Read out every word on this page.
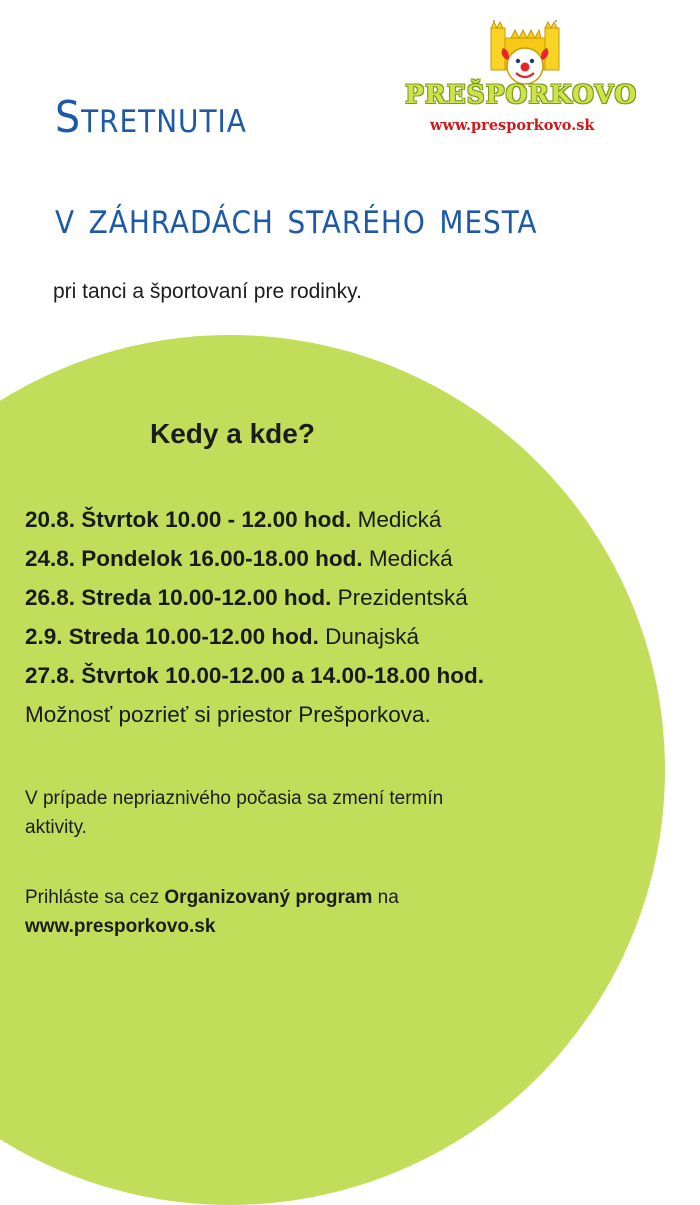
PREŠPORKOVO
www.presporkovo.sk
Stretnutia
v záhradách starého mesta
pri tanci a športovaní pre rodinky.
Kedy a kde?
20.8. Štvrtok 10.00 - 12.00 hod. Medická
24.8. Pondelok 16.00-18.00 hod. Medická
26.8. Streda 10.00-12.00 hod. Prezidentská
2.9. Streda 10.00-12.00 hod. Dunajská
27.8. Štvrtok 10.00-12.00 a 14.00-18.00 hod.
Možnosť pozrieť si priestor Prešporkova.
V prípade nepriaznivého počasia sa zmení termín
aktivity.
Prihláste sa cez Organizovaný program na
www.presporkovo.sk
